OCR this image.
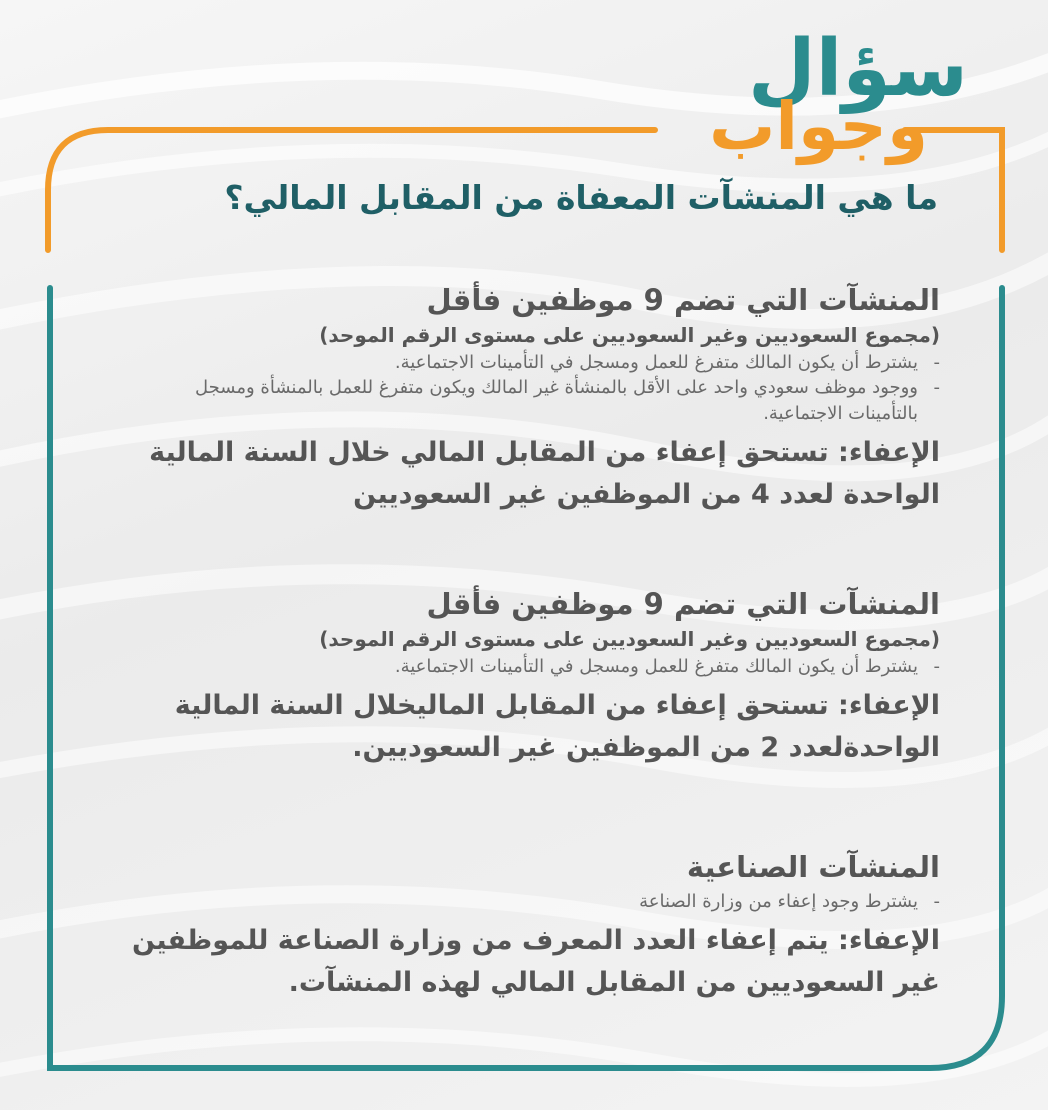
سؤال
وجواب
ما هي المنشآت المعفاة من المقابل المالي؟

المنشآت التي تضم 9 موظفين فأقل

(مجموع السعوديين وغير السعوديين على مستوى الرقم الموحد)

-
يشترط أن يكون المالك متفرغ للعمل ومسجل في التأمينات الاجتماعية.

-
ووجود موظف سعودي واحد على الأقل بالمنشأة غير المالك ويكون متفرغ للعمل بالمنشأة ومسجل بالتأمينات الاجتماعية.

الإعفاء: تستحق إعفاء من المقابل المالي خلال السنة المالية الواحدة لعدد 4 من الموظفين غير السعوديين

المنشآت التي تضم 9 موظفين فأقل

(مجموع السعوديين وغير السعوديين على مستوى الرقم الموحد)

-
يشترط أن يكون المالك متفرغ للعمل ومسجل في التأمينات الاجتماعية.

الإعفاء: تستحق إعفاء من المقابل الماليخلال السنة المالية الواحدةلعدد 2 من الموظفين غير السعوديين.

المنشآت الصناعية

-
يشترط وجود إعفاء من وزارة الصناعة

الإعفاء: يتم إعفاء العدد المعرف من وزارة الصناعة للموظفين غير السعوديين من المقابل المالي لهذه المنشآت.
